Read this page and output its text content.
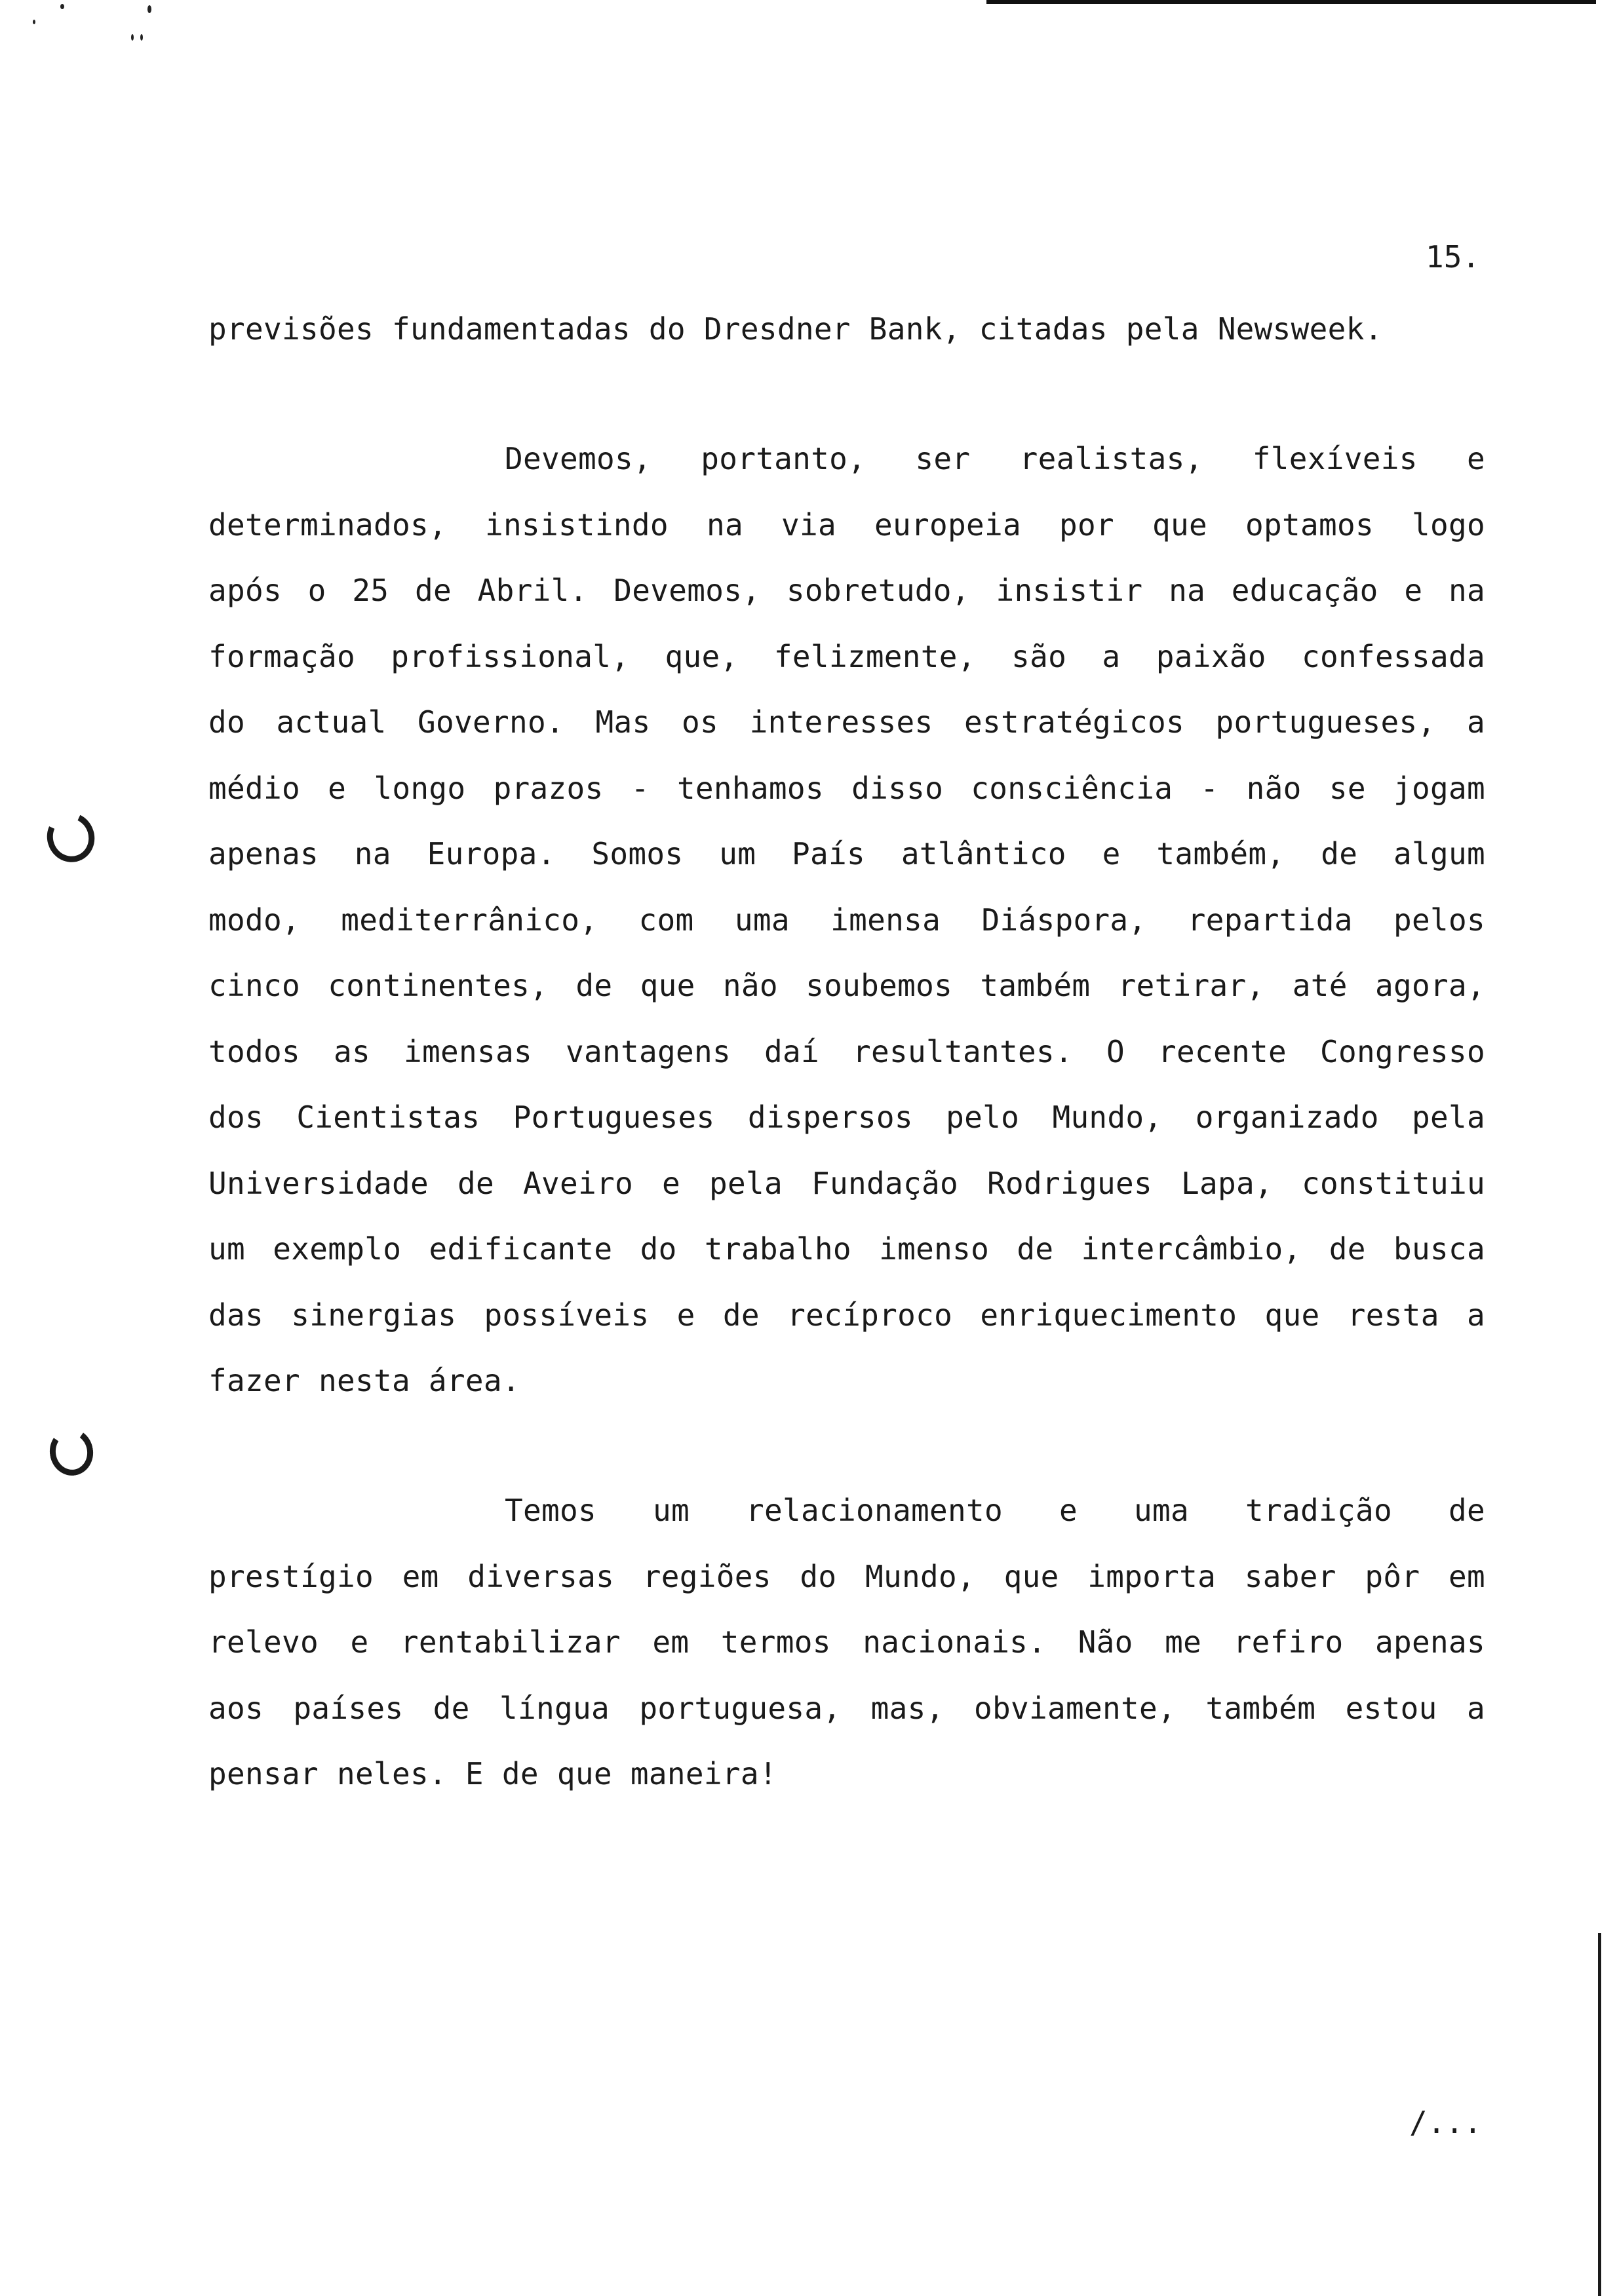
15.
previsões fundamentadas do Dresdner Bank, citadas pela Newsweek.
Devemos, portanto, ser realistas, flexíveis e
determinados, insistindo na via europeia por que optamos logo
após o 25 de Abril. Devemos, sobretudo, insistir na educação e na
formação profissional, que, felizmente, são a paixão confessada
do actual Governo. Mas os interesses estratégicos portugueses, a
médio e longo prazos - tenhamos disso consciência - não se jogam
apenas na Europa. Somos um País atlântico e também, de algum
modo, mediterrânico, com uma imensa Diáspora, repartida pelos
cinco continentes, de que não soubemos também retirar, até agora,
todos as imensas vantagens daí resultantes. O recente Congresso
dos Cientistas Portugueses dispersos pelo Mundo, organizado pela
Universidade de Aveiro e pela Fundação Rodrigues Lapa, constituiu
um exemplo edificante do trabalho imenso de intercâmbio, de busca
das sinergias possíveis e de recíproco enriquecimento que resta a
fazer nesta área.
Temos um relacionamento e uma tradição de
prestígio em diversas regiões do Mundo, que importa saber pôr em
relevo e rentabilizar em termos nacionais. Não me refiro apenas
aos países de língua portuguesa, mas, obviamente, também estou a
pensar neles. E de que maneira!
/...
